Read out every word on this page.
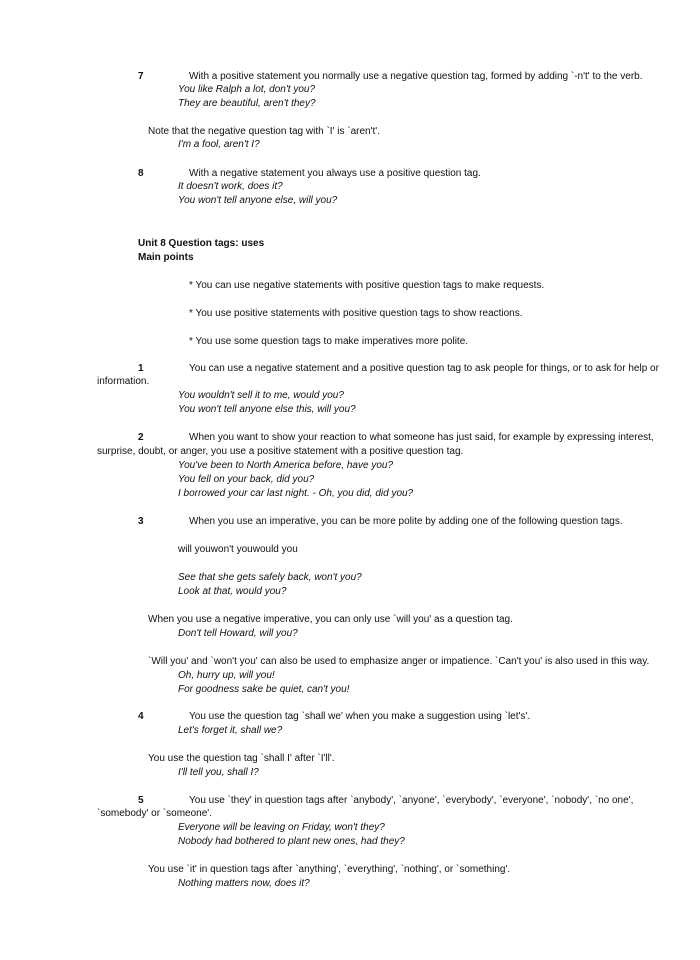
7	With a positive statement you normally use a negative question tag, formed by adding `-n't' to the verb.
You like Ralph a lot, don't you?
They are beautiful, aren't they?
Note that the negative question tag with `I' is `aren't'.
I'm a fool, aren't I?
8	With a negative statement you always use a positive question tag.
It doesn't work, does it?
You won't tell anyone else, will you?
Unit 8 Question tags: uses
Main points
* You can use negative statements with positive question tags to make requests.
* You use positive statements with positive question tags to show reactions.
* You use some question tags to make imperatives more polite.
1	You can use a negative statement and a positive question tag to ask people for things, or to ask for help or
information.
You wouldn't sell it to me, would you?
You won't tell anyone else this, will you?
2	When you want to show your reaction to what someone has just said, for example by expressing interest,
surprise, doubt, or anger, you use a positive statement with a positive question tag.
You've been to North America before, have you?
You fell on your back, did you?
I borrowed your car last night. - Oh, you did, did you?
3	When you use an imperative, you can be more polite by adding one of the following question tags.
will youwon't youwould you
See that she gets safely back, won't you?
Look at that, would you?
When you use a negative imperative, you can only use `will you' as a question tag.
Don't tell Howard, will you?
`Will you' and `won't you' can also be used to emphasize anger or impatience. `Can't you' is also used in this way.
Oh, hurry up, will you!
For goodness sake be quiet, can't you!
4	You use the question tag `shall we' when you make a suggestion using `let's'.
Let's forget it, shall we?
You use the question tag `shall I' after `I'll'.
I'll tell you, shall I?
5	You use `they' in question tags after `anybody', `anyone', `everybody', `everyone', `nobody', `no one',
`somebody' or `someone'.
Everyone will be leaving on Friday, won't they?
Nobody had bothered to plant new ones, had they?
You use `it' in question tags after `anything', `everything', `nothing', or `something'.
Nothing matters now, does it?
